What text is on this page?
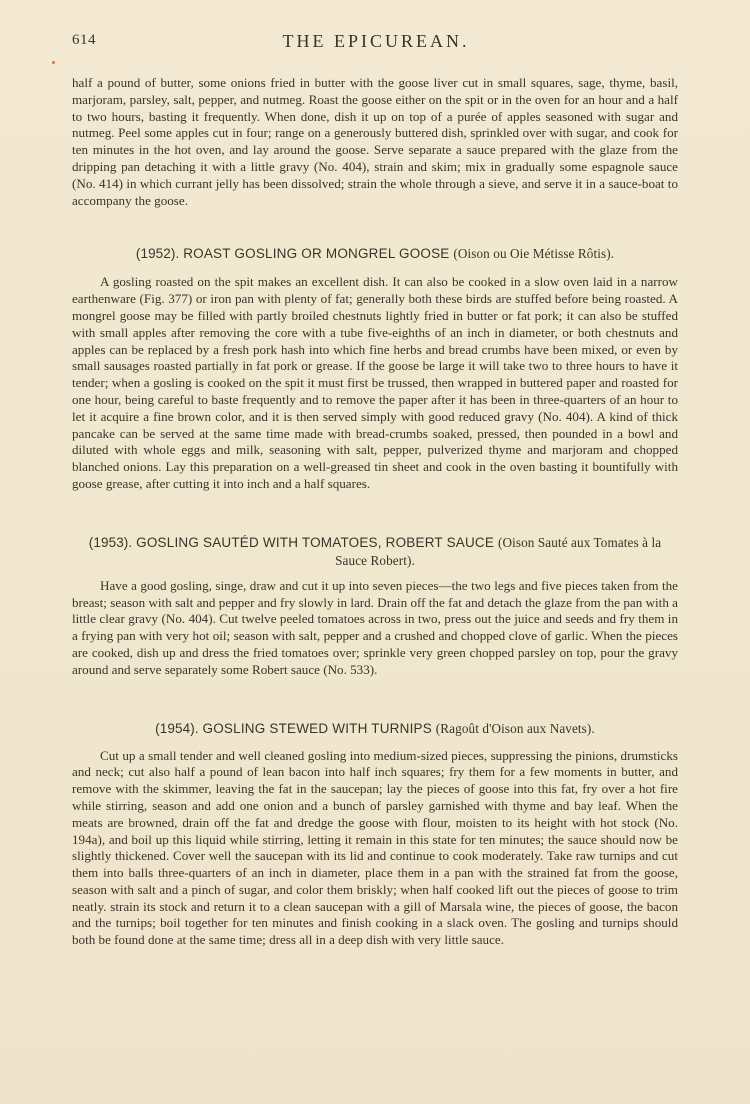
614	THE EPICUREAN.

half a pound of butter, some onions fried in butter with the goose liver cut in small squares, sage, thyme, basil, marjoram, parsley, salt, pepper, and nutmeg. Roast the goose either on the spit or in the oven for an hour and a half to two hours, basting it frequently. When done, dish it up on top of a purée of apples seasoned with sugar and nutmeg. Peel some apples cut in four; range on a generously buttered dish, sprinkled over with sugar, and cook for ten minutes in the hot oven, and lay around the goose. Serve separate a sauce prepared with the glaze from the dripping pan detaching it with a little gravy (No. 404), strain and skim; mix in gradually some espagnole sauce (No. 414) in which currant jelly has been dissolved; strain the whole through a sieve, and serve it in a sauce-boat to accompany the goose.

(1952). ROAST GOSLING OR MONGREL GOOSE (Oison ou Oie Métisse Rôtis).

A gosling roasted on the spit makes an excellent dish. It can also be cooked in a slow oven laid in a narrow earthenware (Fig. 377) or iron pan with plenty of fat; generally both these birds are stuffed before being roasted. A mongrel goose may be filled with partly broiled chestnuts lightly fried in butter or fat pork; it can also be stuffed with small apples after removing the core with a tube five-eighths of an inch in diameter, or both chestnuts and apples can be replaced by a fresh pork hash into which fine herbs and bread crumbs have been mixed, or even by small sausages roasted partially in fat pork or grease. If the goose be large it will take two to three hours to have it tender; when a gosling is cooked on the spit it must first be trussed, then wrapped in buttered paper and roasted for one hour, being careful to baste frequently and to remove the paper after it has been in three-quarters of an hour to let it acquire a fine brown color, and it is then served simply with good reduced gravy (No. 404). A kind of thick pancake can be served at the same time made with bread-crumbs soaked, pressed, then pounded in a bowl and diluted with whole eggs and milk, seasoning with salt, pepper, pulverized thyme and marjoram and chopped blanched onions. Lay this preparation on a well-greased tin sheet and cook in the oven basting it bountifully with goose grease, after cutting it into inch and a half squares.

(1953). GOSLING SAUTÉD WITH TOMATOES, ROBERT SAUCE (Oison Sauté aux Tomates à la Sauce Robert).

Have a good gosling, singe, draw and cut it up into seven pieces—the two legs and five pieces taken from the breast; season with salt and pepper and fry slowly in lard. Drain off the fat and detach the glaze from the pan with a little clear gravy (No. 404). Cut twelve peeled tomatoes across in two, press out the juice and seeds and fry them in a frying pan with very hot oil; season with salt, pepper and a crushed and chopped clove of garlic. When the pieces are cooked, dish up and dress the fried tomatoes over; sprinkle very green chopped parsley on top, pour the gravy around and serve separately some Robert sauce (No. 533).

(1954). GOSLING STEWED WITH TURNIPS (Ragoût d'Oison aux Navets).

Cut up a small tender and well cleaned gosling into medium-sized pieces, suppressing the pinions, drumsticks and neck; cut also half a pound of lean bacon into half inch squares; fry them for a few moments in butter, and remove with the skimmer, leaving the fat in the saucepan; lay the pieces of goose into this fat, fry over a hot fire while stirring, season and add one onion and a bunch of parsley garnished with thyme and bay leaf. When the meats are browned, drain off the fat and dredge the goose with flour, moisten to its height with hot stock (No. 194a), and boil up this liquid while stirring, letting it remain in this state for ten minutes; the sauce should now be slightly thickened. Cover well the saucepan with its lid and continue to cook moderately. Take raw turnips and cut them into balls three-quarters of an inch in diameter, place them in a pan with the strained fat from the goose, season with salt and a pinch of sugar, and color them briskly; when half cooked lift out the pieces of goose to trim neatly. strain its stock and return it to a clean saucepan with a gill of Marsala wine, the pieces of goose, the bacon and the turnips; boil together for ten minutes and finish cooking in a slack oven. The gosling and turnips should both be found done at the same time; dress all in a deep dish with very little sauce.
